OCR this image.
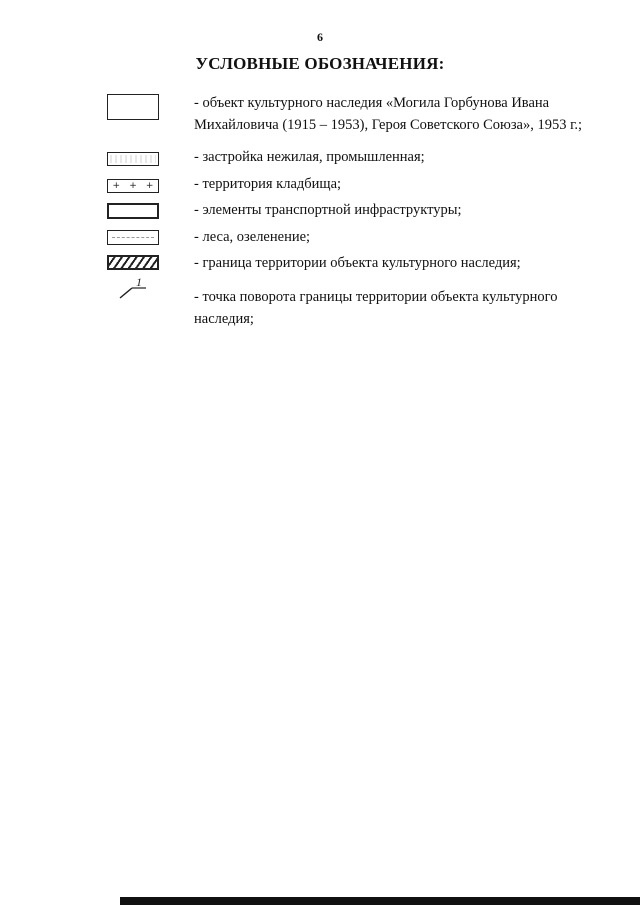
6
УСЛОВНЫЕ ОБОЗНАЧЕНИЯ:
- объект культурного наследия «Могила Горбунова Ивана Михайловича (1915 – 1953), Героя Советского Союза», 1953 г.;
- застройка нежилая, промышленная;
+ + +	- территория кладбища;
- элементы транспортной инфраструктуры;
- леса, озеленение;
- граница территории объекта культурного наследия;
1
- точка поворота границы территории объекта культурного наследия;
